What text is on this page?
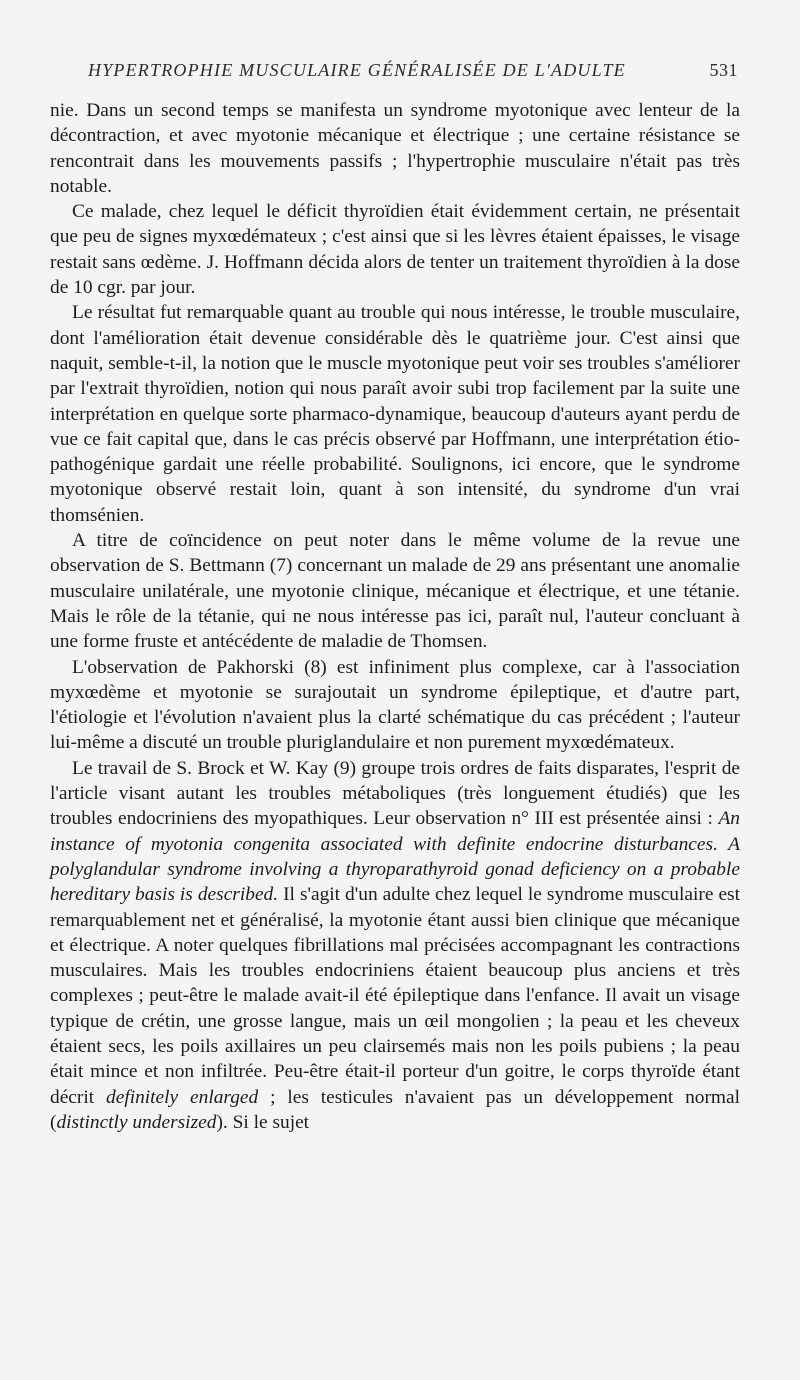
HYPERTROPHIE MUSCULAIRE GÉNÉRALISÉE DE L'ADULTE	531

nie. Dans un second temps se manifesta un syndrome myotonique avec lenteur de la décontraction, et avec myotonie mécanique et électrique ; une certaine résistance se rencontrait dans les mouvements passifs ; l'hypertrophie musculaire n'était pas très notable.

Ce malade, chez lequel le déficit thyroïdien était évidemment certain, ne présentait que peu de signes myxœdémateux ; c'est ainsi que si les lèvres étaient épaisses, le visage restait sans œdème. J. Hoffmann décida alors de tenter un traitement thyroïdien à la dose de 10 cgr. par jour.

Le résultat fut remarquable quant au trouble qui nous intéresse, le trouble musculaire, dont l'amélioration était devenue considérable dès le quatrième jour. C'est ainsi que naquit, semble-t-il, la notion que le muscle myotonique peut voir ses troubles s'améliorer par l'extrait thyroïdien, notion qui nous paraît avoir subi trop facilement par la suite une interprétation en quelque sorte pharmaco-dynamique, beaucoup d'auteurs ayant perdu de vue ce fait capital que, dans le cas précis observé par Hoffmann, une interprétation étio-pathogénique gardait une réelle probabilité. Soulignons, ici encore, que le syndrome myotonique observé restait loin, quant à son intensité, du syndrome d'un vrai thomsénien.

A titre de coïncidence on peut noter dans le même volume de la revue une observation de S. Bettmann (7) concernant un malade de 29 ans présentant une anomalie musculaire unilatérale, une myotonie clinique, mécanique et électrique, et une tétanie. Mais le rôle de la tétanie, qui ne nous intéresse pas ici, paraît nul, l'auteur concluant à une forme fruste et antécédente de maladie de Thomsen.

L'observation de Pakhorski (8) est infiniment plus complexe, car à l'association myxœdème et myotonie se surajoutait un syndrome épileptique, et d'autre part, l'étiologie et l'évolution n'avaient plus la clarté schématique du cas précédent ; l'auteur lui-même a discuté un trouble pluriglandulaire et non purement myxœdémateux.

Le travail de S. Brock et W. Kay (9) groupe trois ordres de faits disparates, l'esprit de l'article visant autant les troubles métaboliques (très longuement étudiés) que les troubles endocriniens des myopathiques. Leur observation n° III est présentée ainsi : An instance of myotonia congenita associated with definite endocrine disturbances. A polyglandular syndrome involving a thyroparathyroid gonad deficiency on a probable hereditary basis is described. Il s'agit d'un adulte chez lequel le syndrome musculaire est remarquablement net et généralisé, la myotonie étant aussi bien clinique que mécanique et électrique. A noter quelques fibrillations mal précisées accompagnant les contractions musculaires. Mais les troubles endocriniens étaient beaucoup plus anciens et très complexes ; peut-être le malade avait-il été épileptique dans l'enfance. Il avait un visage typique de crétin, une grosse langue, mais un œil mongolien ; la peau et les cheveux étaient secs, les poils axillaires un peu clairsemés mais non les poils pubiens ; la peau était mince et non infiltrée. Peu-être était-il porteur d'un goitre, le corps thyroïde étant décrit definitely enlarged ; les testicules n'avaient pas un développement normal (distinctly undersized). Si le sujet
